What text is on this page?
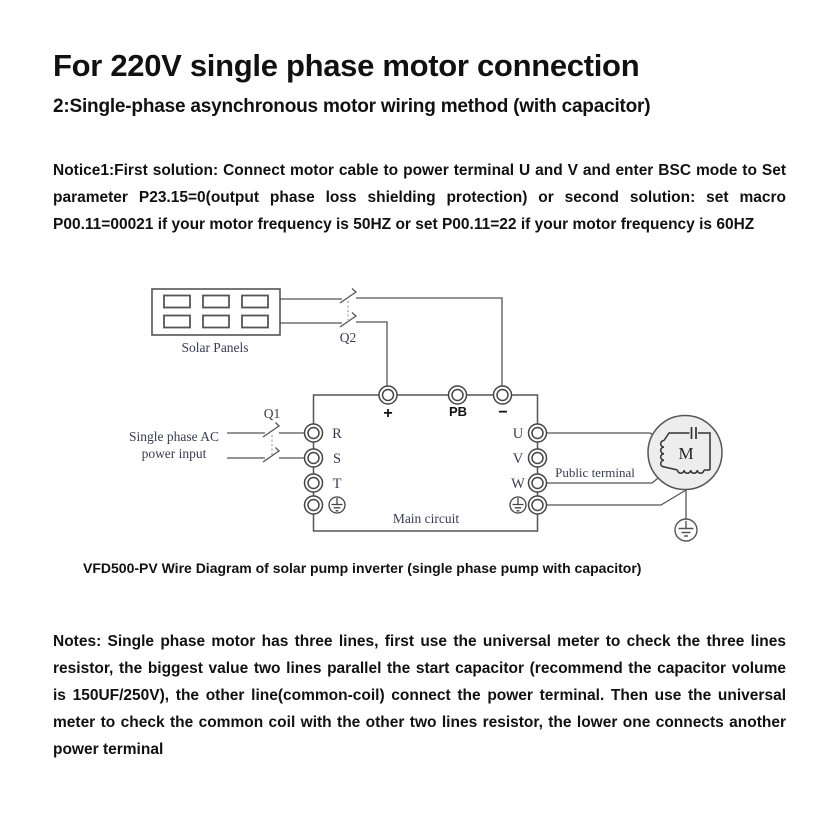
For 220V single phase motor connection
2:Single-phase asynchronous motor wiring method (with capacitor)

Notice1:First solution: Connect motor cable to power terminal U and V and enter BSC mode to Set parameter P23.15=0(output phase loss shielding protection) or second solution: set macro P00.11=00021 if your motor frequency is 50HZ or set P00.11=22 if your motor frequency is 60HZ

Solar Panels
Q2
Q1
Single phase AC
power input
Main circuit
Public terminal
M
+	PB −
R
S
T
U
V
W

VFD500-PV Wire Diagram of solar pump inverter (single phase pump with capacitor)

Notes: Single phase motor has three lines, first use the universal meter to check the three lines resistor, the biggest value two lines parallel the start capacitor (recommend the capacitor volume is 150UF/250V), the other line(common-coil) connect the power terminal. Then use the universal meter to check the common coil with the other two lines resistor, the lower one connects another power terminal
